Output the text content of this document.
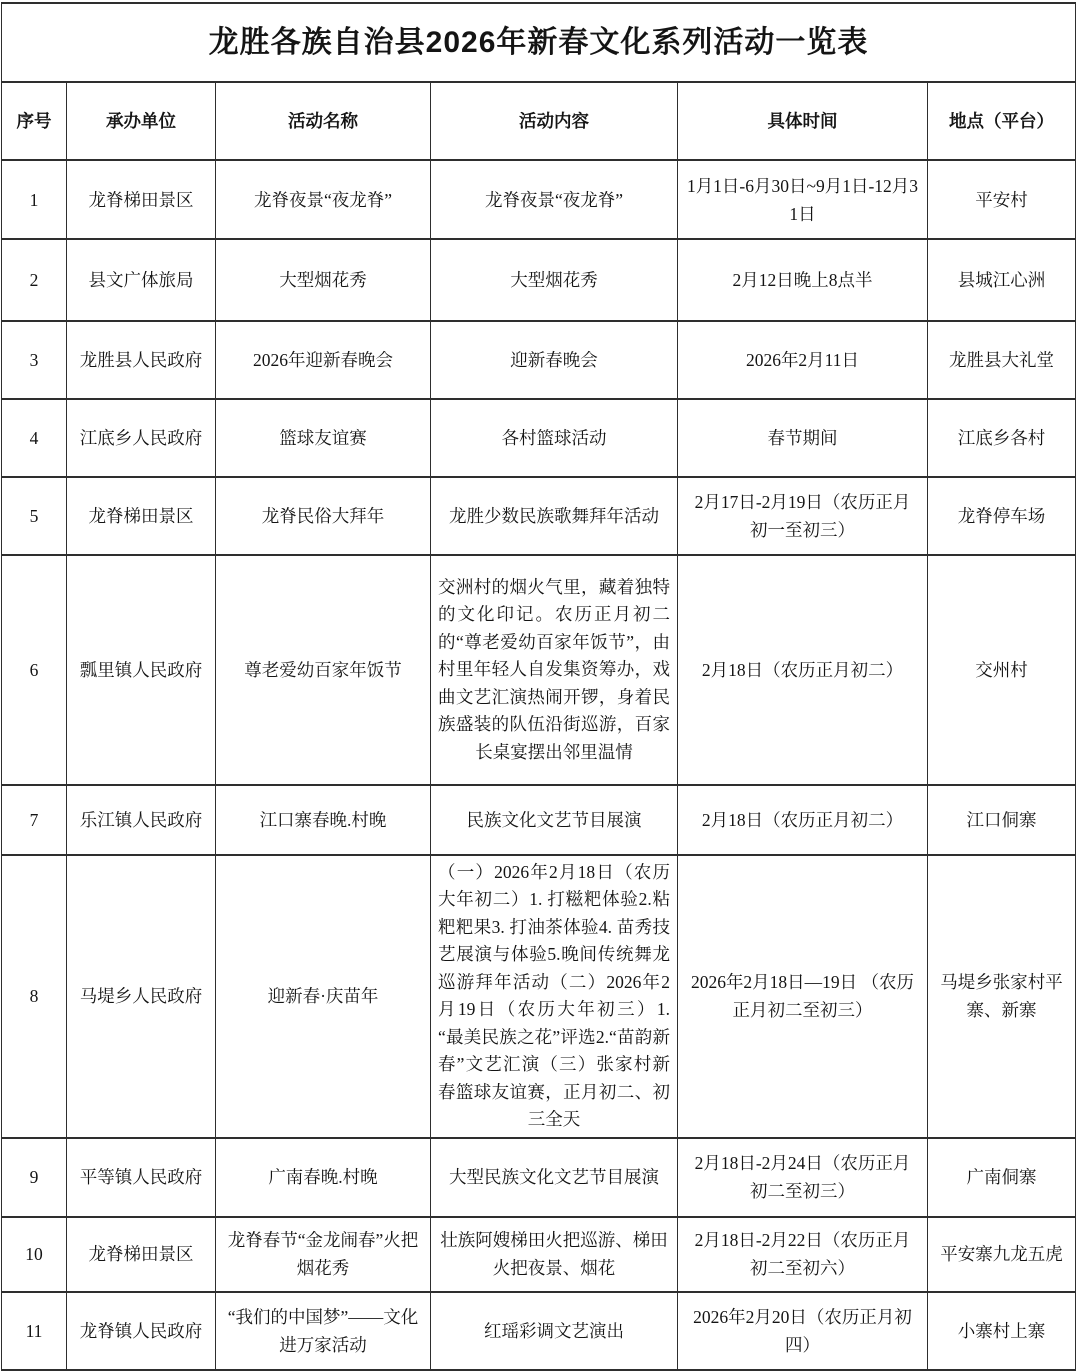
龙胜各族自治县2026年新春文化系列活动一览表					
序号	承办单位	活动名称	活动内容	具体时间	地点（平台）
1	龙脊梯田景区	龙脊夜景“夜龙脊”	龙脊夜景“夜龙脊”	1月1日-6月30日~9月1日-12月31日	平安村
2	县文广体旅局	大型烟花秀	大型烟花秀	2月12日晚上8点半	县城江心洲
3	龙胜县人民政府	2026年迎新春晚会	迎新春晚会	2026年2月11日	龙胜县大礼堂
4	江底乡人民政府	篮球友谊赛	各村篮球活动	春节期间	江底乡各村
5	龙脊梯田景区	龙脊民俗大拜年	龙胜少数民族歌舞拜年活动	2月17日-2月19日（农历正月初一至初三）	龙脊停车场
6	瓢里镇人民政府	尊老爱幼百家年饭节	交洲村的烟火气里，藏着独特的文化印记。农历正月初二的“尊老爱幼百家年饭节”，由村里年轻人自发集资筹办，戏曲文艺汇演热闹开锣，身着民族盛装的队伍沿街巡游，百家长桌宴摆出邻里温情	2月18日（农历正月初二）	交州村
7	乐江镇人民政府	江口寨春晚.村晚	民族文化文艺节目展演	2月18日（农历正月初二）	江口侗寨
8	马堤乡人民政府	迎新春·庆苗年	（一）2026年2月18日（农历大年初二）1. 打糍粑体验2.粘粑粑果3. 打油茶体验4. 苗秀技艺展演与体验5.晚间传统舞龙巡游拜年活动（二）2026年2月19日（农历大年初三）1. “最美民族之花”评选2.“苗韵新春”文艺汇演（三）张家村新春篮球友谊赛，正月初二、初三全天	2026年2月18日—19日 （农历正月初二至初三）	马堤乡张家村平寨、新寨
9	平等镇人民政府	广南春晚.村晚	大型民族文化文艺节目展演	2月18日-2月24日（农历正月初二至初三）	广南侗寨
10	龙脊梯田景区	龙脊春节“金龙闹春”火把烟花秀	壮族阿嫂梯田火把巡游、梯田火把夜景、烟花	2月18日-2月22日（农历正月初二至初六）	平安寨九龙五虎
11	龙脊镇人民政府	“我们的中国梦”——文化进万家活动	红瑶彩调文艺演出	2026年2月20日（农历正月初四）	小寨村上寨
